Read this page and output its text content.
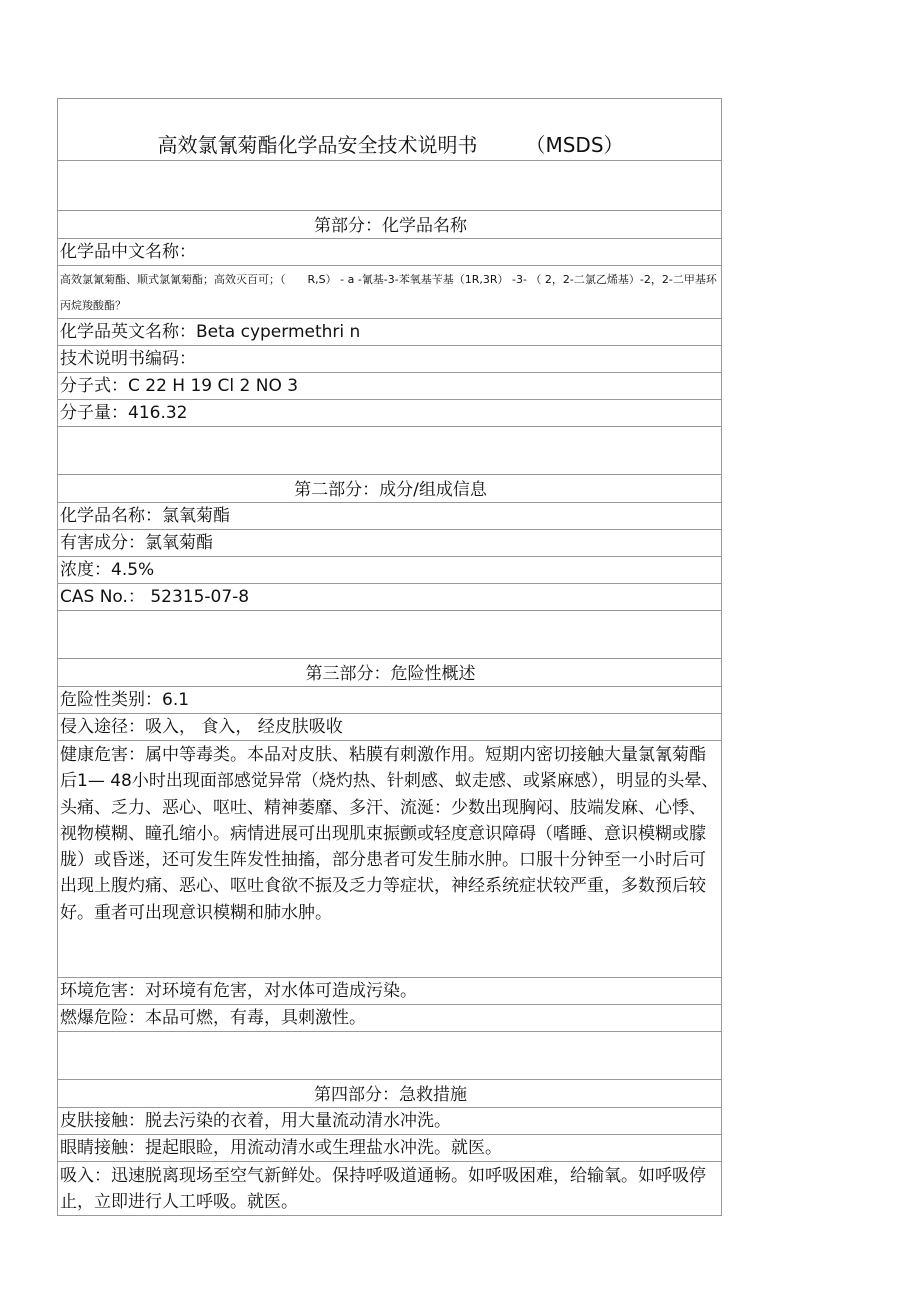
高效氯氰菊酯化学品安全技术说明书 （MSDS）
第部分：化学品名称
化学品中文名称：
高效氯氰菊酯、顺式氯氰菊酯；高效灭百可；（　　R,S） - a -氰基-3-苯氧基苄基（1R,3R） -3- （ 2，2-二氯乙烯基）-2，2-二甲基环丙烷羧酸酯？
化学品英文名称：Beta cypermethri n
技术说明书编码：
分子式：C 22 H 19 Cl 2 NO 3
分子量：416.32
第二部分：成分/组成信息
化学品名称：氯氧菊酯
有害成分：氯氧菊酯
浓度：4.5%
CAS No.： 52315-07-8
第三部分：危险性概述
危险性类别：6.1
侵入途径：吸入， 食入， 经皮肤吸收
健康危害：属中等毒类。本品对皮肤、粘膜有刺激作用。短期内密切接触大量氯氰菊酯后1— 48小时出现面部感觉异常（烧灼热、针刺感、蚁走感、或紧麻感），明显的头晕、头痛、乏力、恶心、呕吐、精神萎靡、多汗、流涎：少数出现胸闷、肢端发麻、心悸、视物模糊、瞳孔缩小。病情进展可出现肌束振颤或轻度意识障碍（嗜睡、意识模糊或朦胧）或昏迷，还可发生阵发性抽搐，部分患者可发生肺水肿。口服十分钟至一小时后可出现上腹灼痛、恶心、呕吐食欲不振及乏力等症状，神经系统症状较严重，多数预后较好。重者可出现意识模糊和肺水肿。
环境危害：对环境有危害，对水体可造成污染。
燃爆危险：本品可燃，有毒，具刺激性。
第四部分：急救措施
皮肤接触：脱去污染的衣着，用大量流动清水冲洗。
眼睛接触：提起眼睑，用流动清水或生理盐水冲洗。就医。
吸入：迅速脱离现场至空气新鲜处。保持呼吸道通畅。如呼吸困难，给输氧。如呼吸停止，立即进行人工呼吸。就医。
